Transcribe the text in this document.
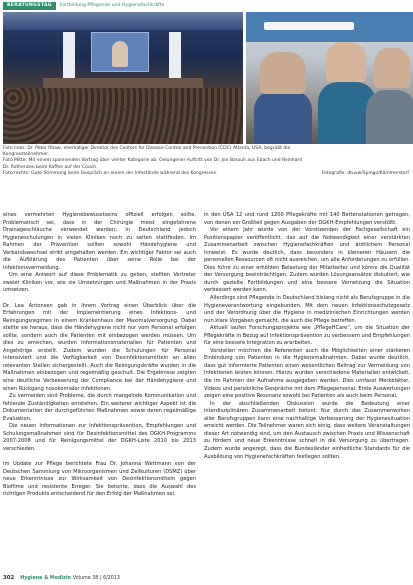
BERATUNGSTAG	Fortbildung Pflegende und Hygienefachkräfte

Foto links: Dr. Peter Rhaw, ehemaliger Direktor des Centers for Disease Control and Prevention (CDC) Atlanta, USA, begrüßt die

Kongressteilnehmer.

Foto Mitte: Mit einem spannenden Vortrag über vierter Kategorie ab. Gelungener Auftritt von Dr. Jon Barouh aus Ebach und Reinhard

Dr. Rothenzen beim Kaffee auf der Couch.

Foto rechts: Gute Stimmung beim Gespräch an einem der Infostände während des Kongresses.	Fotografie: dtuvw/Spingo/Kämmerstorf

eines vermehrten Hygienebewusstseins offiziell erfolgen sollte. Problematisch sei, dass in der Chirurgie meist eingefahrene Drainageschläuche verwendet werden, in Deutschland jedoch Hygieneschulungen in vielen Kliniken noch zu selten stattfinden. Im Rahmen der Prävention sollten sowohl Händehygiene und Verbandswechsel strikt eingehalten werden. Ein wichtiger Faktor sei auch die Aufklärung des Patienten über seine Rolle bei der Infektionsvermeidung.

Um eine Antwort auf diese Problematik zu geben, stellten Vertreter zweier Kliniken vor, wie sie Umsetzungen und Maßnahmen in der Praxis umsetzen.

Dr. Lea Antonsen gab in ihrem Vortrag einen Überblick über die Erfahrungen mit der Implementierung eines Infektions- und Reinigungsregimes in einem Krankenhaus der Maximalversorgung. Dabei stellte sie heraus, dass die Händehygiene nicht nur vom Personal erfolgen sollte, sondern auch die Patienten mit einbezogen werden müssen. Um dies zu erreichen, wurden Informationsmaterialien für Patienten und Angehörige erstellt. Zudem wurden die Schulungen für Personal intensiviert und die Verfügbarkeit von Desinfektionsmitteln an allen relevanten Stellen sichergestellt. Auch die Reinigungskräfte wurden in die Maßnahmen einbezogen und regelmäßig geschult. Die Ergebnisse zeigten eine deutliche Verbesserung der Compliance bei der Händehygiene und einen Rückgang nosokomialer Infektionen.

Zu vermeiden sind Probleme, die durch mangelnde Kommunikation und fehlende Zuständigkeiten entstehen. Ein weiterer wichtiger Aspekt ist die Dokumentation der durchgeführten Maßnahmen sowie deren regelmäßige Evaluation.

Die neuen Informationen zur Infektionsprävention, Empfehlungen und Schulungsmaßnahmen sind für Desinfektionsmittel des DGKH-Programms 2007-2008 und für Reinigungsmittel der DGKH-Liste 2010 bis 2013 verschieden.

Im Update zur Pflege berichtete Frau Dr. Johanna Wettmann von der Deutschen Sammlung von Mikroorganismen und Zellkulturen (DSMZ) über neue Erkenntnisse zur Wirksamkeit von Desinfektionsmitteln gegen Biofilme und resistente Erreger. Sie betonte, dass die Auswahl des richtigen Produkts entscheidend für den Erfolg der Maßnahmen sei.

in den USA 12 und rund 1200 Pflegekräfte mit 140 Bettenstationen getragen, von denen ein Großteil gegen Ausgaben der DGKH-Empfehlungen verstößt.

Vor einem Jahr wurde von der Vorsitzenden der Fachgesellschaft ein Positionspapier veröffentlicht, das auf die Notwendigkeit einer verstärkten Zusammenarbeit zwischen Hygienefachkräften und ärztlichem Personal hinweist. Es wurde deutlich, dass besonders in kleineren Häusern die personellen Ressourcen oft nicht ausreichen, um alle Anforderungen zu erfüllen. Dies führe zu einer erhöhten Belastung der Mitarbeiter und könne die Qualität der Versorgung beeinträchtigen. Zudem wurden Lösungsansätze diskutiert, wie durch gezielte Fortbildungen und eine bessere Vernetzung die Situation verbessert werden kann.

Allerdings sind Pflegende in Deutschland bislang nicht als Berufsgruppe in die Hygieneverantwortung eingebunden. Mit dem neuen Infektionsschutzgesetz und der Verordnung über die Hygiene in medizinischen Einrichtungen werden nun klare Vorgaben gemacht, die auch die Pflege betreffen.

Aktuell laufen Forschungsprojekte wie „PflegeHCare“, um die Situation der Pflegekräfte in Bezug auf Infektionsprävention zu verbessern und Empfehlungen für eine bessere Integration zu erarbeiten.

Vorstellen möchten die Referenten auch die Möglichkeiten einer stärkeren Einbindung von Patienten in die Hygienemaßnahmen. Dabei wurde deutlich, dass gut informierte Patienten einen wesentlichen Beitrag zur Vermeidung von Infektionen leisten können. Hierzu wurden verschiedene Materialien entwickelt, die im Rahmen der Aufnahme ausgegeben werden. Dies umfasst Merkblätter, Videos und persönliche Gespräche mit dem Pflegepersonal. Erste Auswertungen zeigen eine positive Resonanz sowohl bei Patienten als auch beim Personal.

In der abschließenden Diskussion wurde die Bedeutung einer interdisziplinären Zusammenarbeit betont. Nur durch das Zusammenwirken aller Berufsgruppen kann eine nachhaltige Verbesserung der Hygienesituation erreicht werden. Die Teilnehmer waren sich einig, dass weitere Veranstaltungen dieser Art notwendig sind, um den Austausch zwischen Praxis und Wissenschaft zu fördern und neue Erkenntnisse schnell in die Versorgung zu übertragen. Zudem wurde angeregt, dass die Bundesländer einheitliche Standards für die Ausbildung von Hygienefachkräften festlegen sollten.

302 Hygiene & Medizin Volume 38 | 6/2013
